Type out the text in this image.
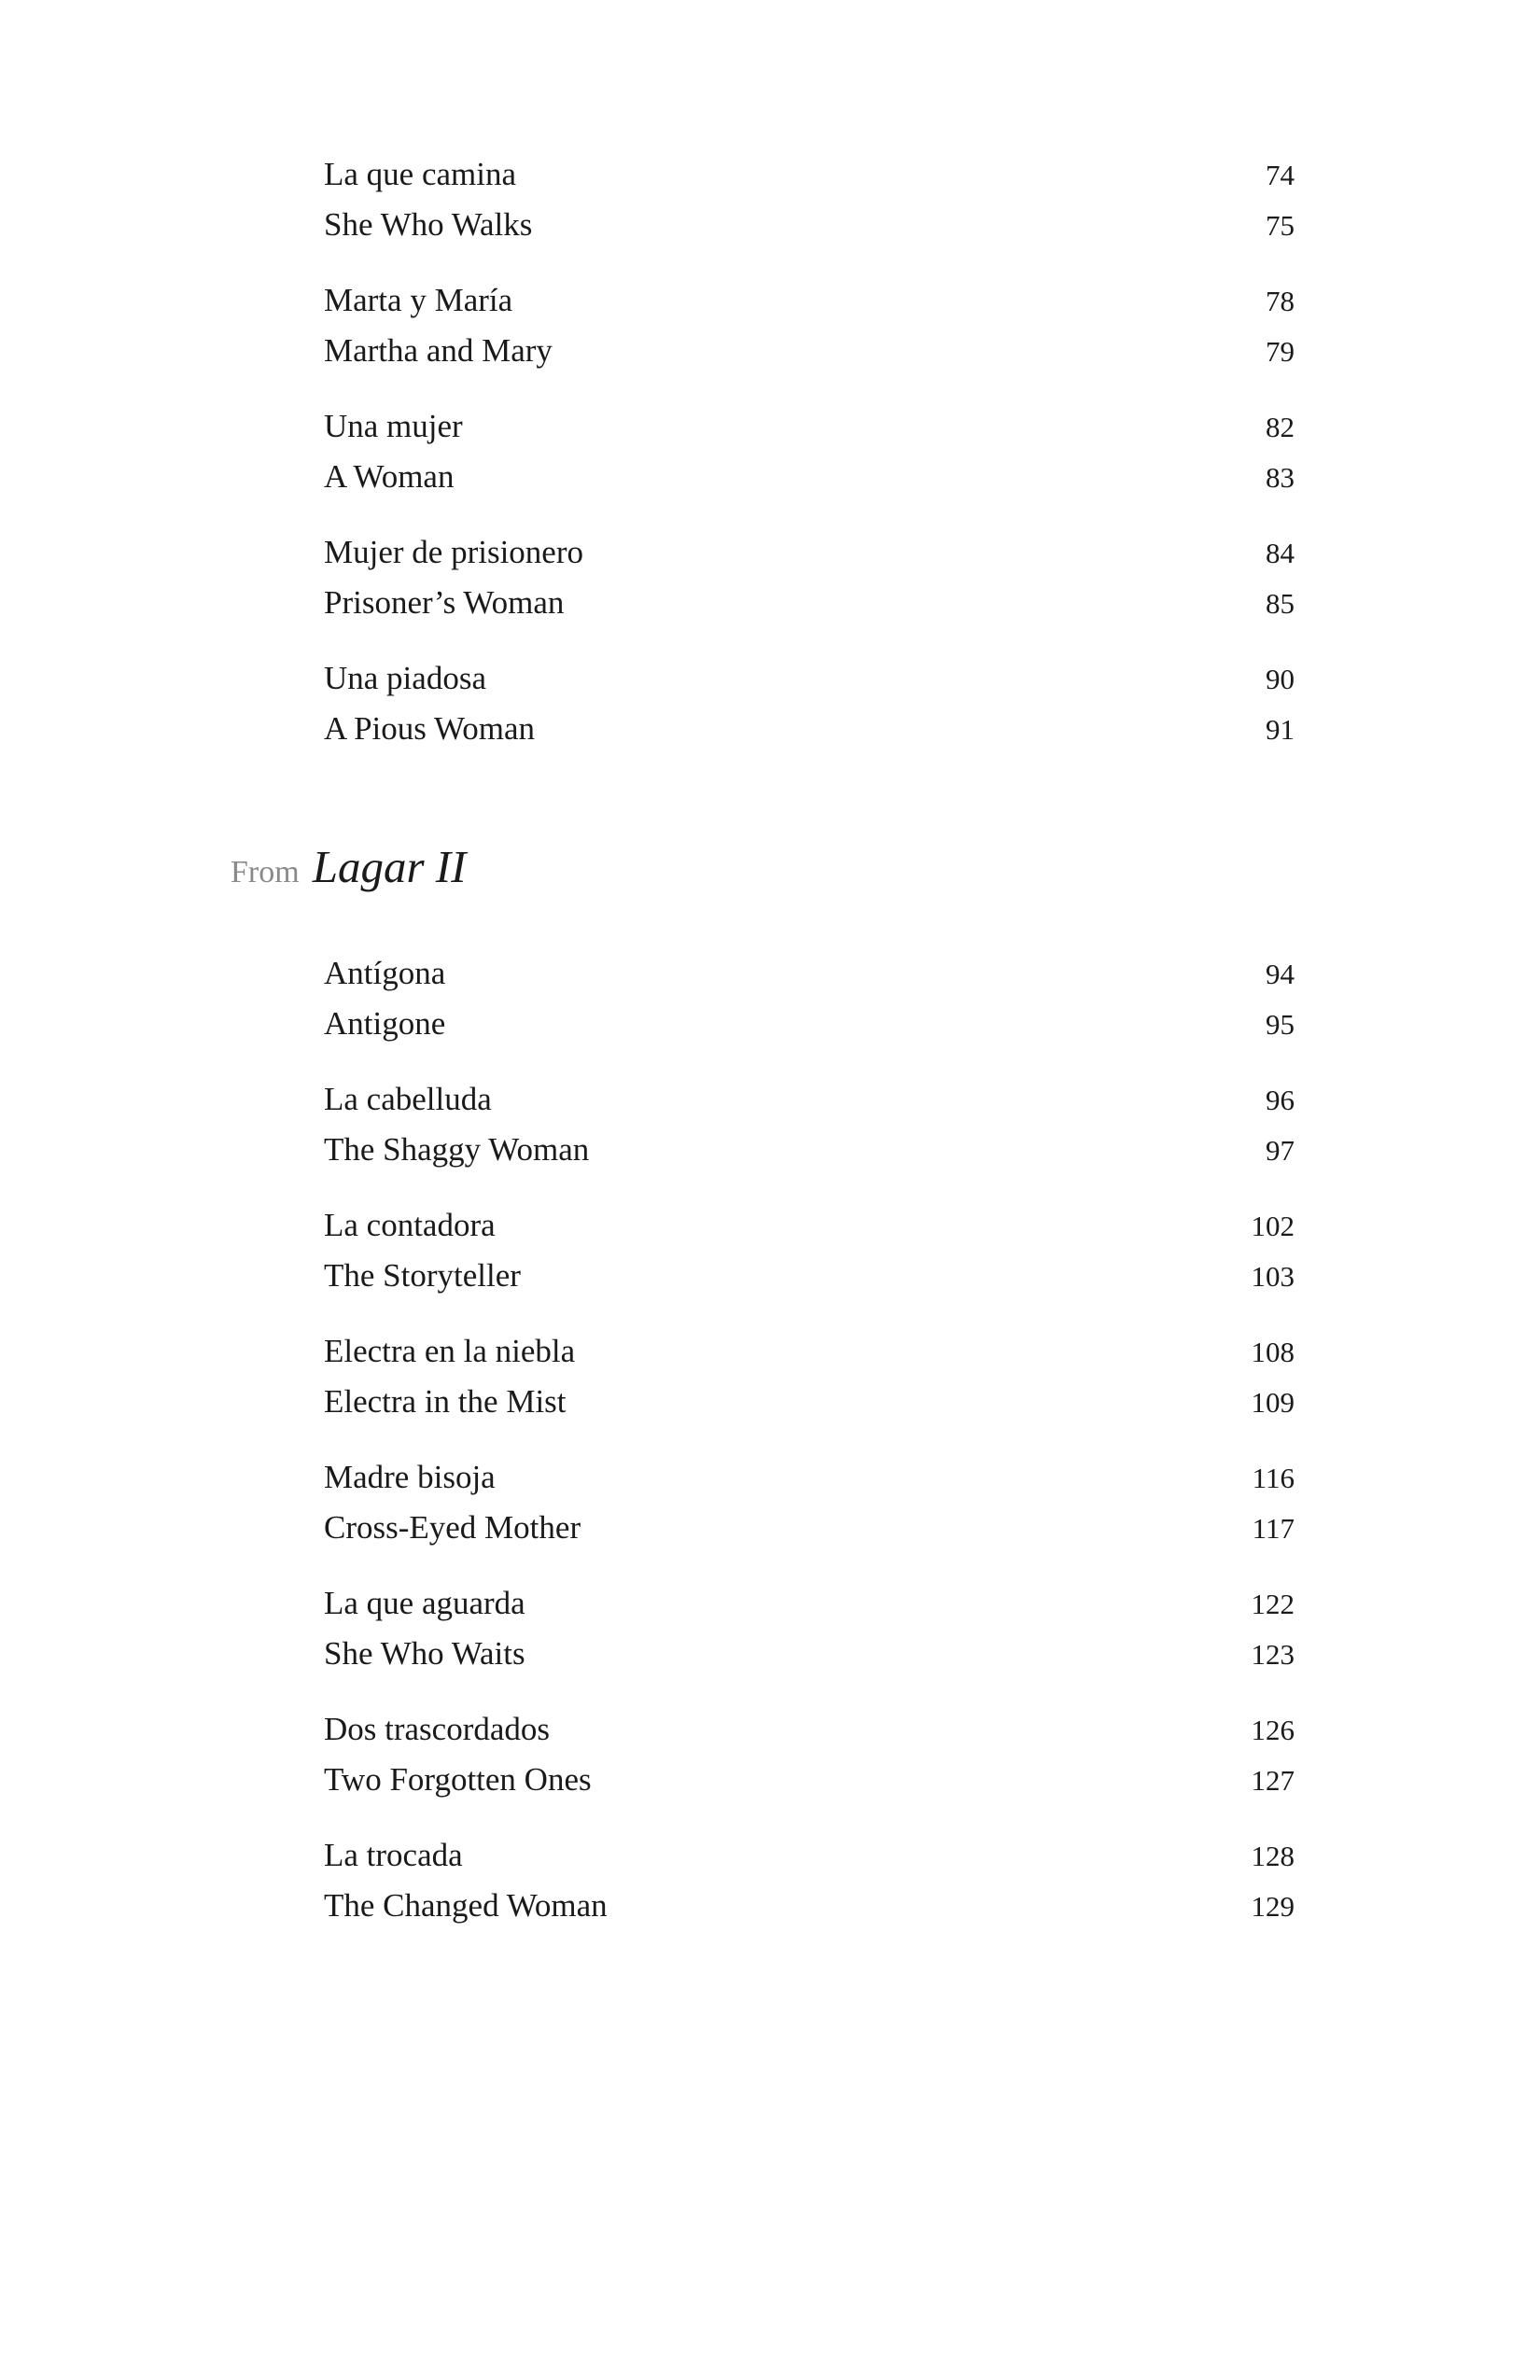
La que camina	74
She Who Walks	75
Marta y María	78
Martha and Mary	79
Una mujer	82
A Woman	83
Mujer de prisionero	84
Prisoner’s Woman	85
Una piadosa	90
A Pious Woman	91
From Lagar II
Antígona	94
Antigone	95
La cabelluda	96
The Shaggy Woman	97
La contadora	102
The Storyteller	103
Electra en la niebla	108
Electra in the Mist	109
Madre bisoja	116
Cross-Eyed Mother	117
La que aguarda	122
She Who Waits	123
Dos trascordados	126
Two Forgotten Ones	127
La trocada	128
The Changed Woman	129
